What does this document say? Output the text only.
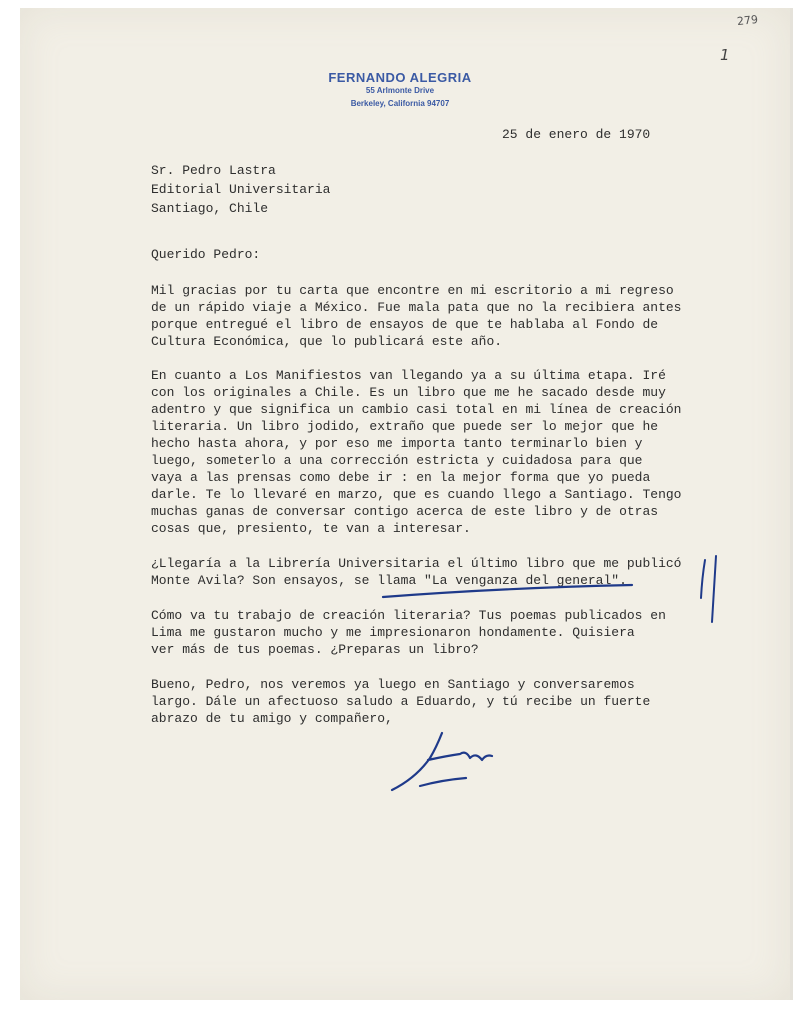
279
1
FERNANDO ALEGRIA
55 Arlmonte Drive
Berkeley, California 94707
25 de enero de 1970
Sr. Pedro Lastra
Editorial Universitaria
Santiago, Chile
Querido Pedro:
Mil gracias por tu carta que encontre en mi escritorio a mi regreso
de un rápido viaje a México. Fue mala pata que no la recibiera antes
porque entregué el libro de ensayos de que te hablaba al Fondo de
Cultura Económica, que lo publicará este año.
En cuanto a Los Manifiestos van llegando ya a su última etapa. Iré
con los originales a Chile. Es un libro que me he sacado desde muy
adentro y que significa un cambio casi total en mi línea de creación
literaria. Un libro jodido, extraño que puede ser lo mejor que he
hecho hasta ahora, y por eso me importa tanto terminarlo bien y
luego, someterlo a una corrección estricta y cuidadosa para que
vaya a las prensas como debe ir : en la mejor forma que yo pueda
darle. Te lo llevaré en marzo, que es cuando llego a Santiago. Tengo
muchas ganas de conversar contigo acerca de este libro y de otras
cosas que, presiento, te van a interesar.
¿Llegaría a la Librería Universitaria el último libro que me publicó
Monte Avila? Son ensayos, se llama "La venganza del general".
Cómo va tu trabajo de creación literaria? Tus poemas publicados en
Lima me gustaron mucho y me impresionaron hondamente. Quisiera
ver más de tus poemas. ¿Preparas un libro?
Bueno, Pedro, nos veremos ya luego en Santiago y conversaremos
largo. Dále un afectuoso saludo a Eduardo, y tú recibe un fuerte
abrazo de tu amigo y compañero,
